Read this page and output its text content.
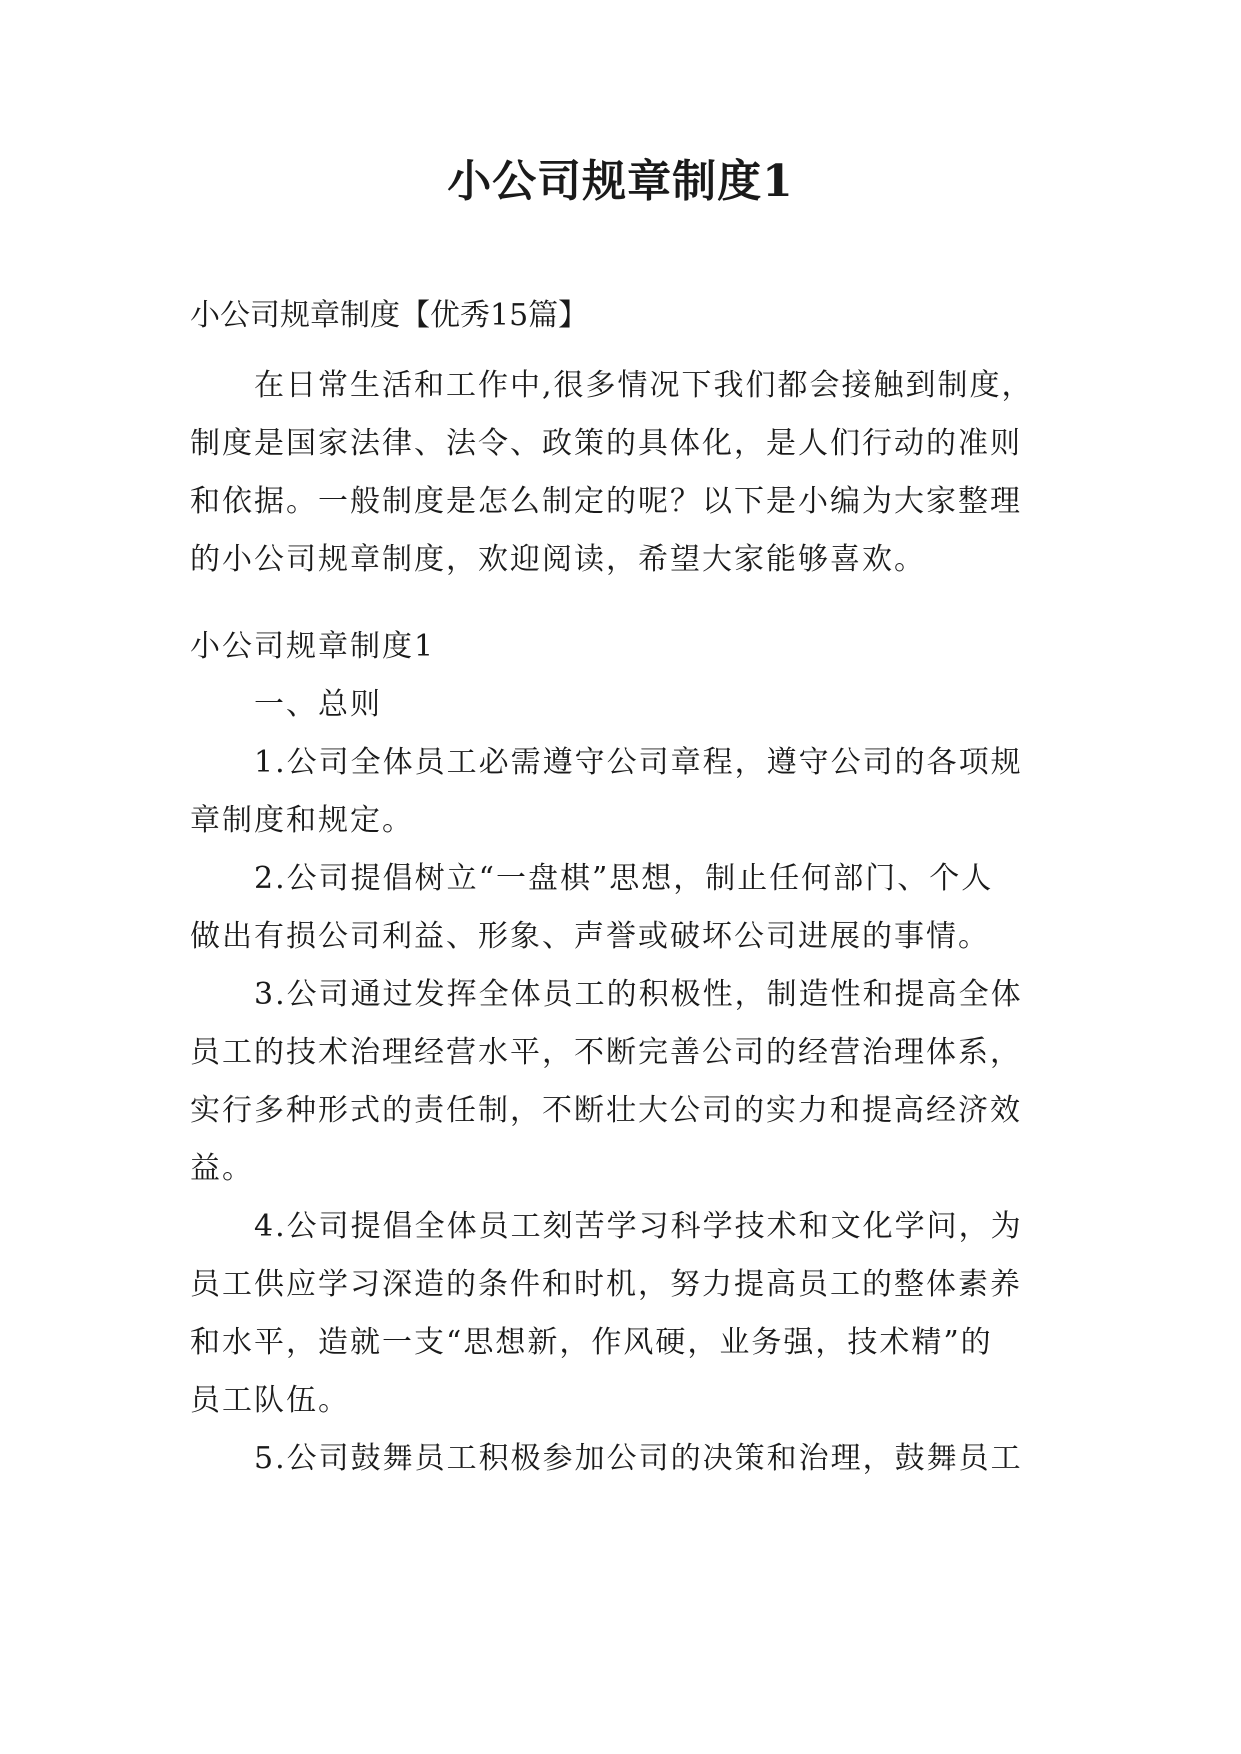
小公司规章制度1

小公司规章制度【优秀15篇】

在日常生活和工作中,很多情况下我们都会接触到制度，
制度是国家法律、法令、政策的具体化，是人们行动的准则
和依据。一般制度是怎么制定的呢？以下是小编为大家整理
的小公司规章制度，欢迎阅读，希望大家能够喜欢。
小公司规章制度1
一、总则
1.公司全体员工必需遵守公司章程，遵守公司的各项规
章制度和规定。
2.公司提倡树立“一盘棋”思想，制止任何部门、个人
做出有损公司利益、形象、声誉或破坏公司进展的事情。
3.公司通过发挥全体员工的积极性，制造性和提高全体
员工的技术治理经营水平，不断完善公司的经营治理体系，
实行多种形式的责任制，不断壮大公司的实力和提高经济效
益。
4.公司提倡全体员工刻苦学习科学技术和文化学问，为
员工供应学习深造的条件和时机，努力提高员工的整体素养
和水平，造就一支“思想新，作风硬，业务强，技术精”的
员工队伍。
5.公司鼓舞员工积极参加公司的决策和治理，鼓舞员工
